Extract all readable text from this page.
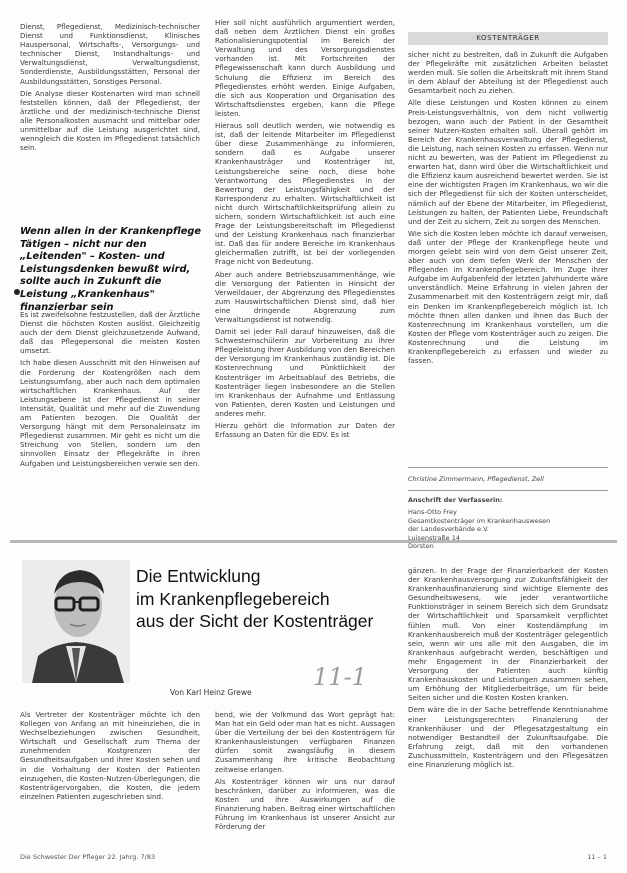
KOSTENTRÄGER

Dienst, Pflegedienst, Medizinisch-technischer Dienst und Funktionsdienst, Klinisches Hauspersonal, Wirtschafts-, Versorgungs- und technischer Dienst, Instandhaltungs- und Verwaltungsdienst, Verwaltungsdienst, Sonderdienste, Ausbildungsstätten, Personal der Ausbildungsstätten, Sonstiges Personal.

Die Analyse dieser Kostenarten wird man schnell feststellen können, daß der Pflegedienst, der ärztliche und der medizinisch-technische Dienst alle Personalkosten ausmacht und mittelbar oder unmittelbar auf die Leistung ausgerichtet sind, wenngleich die Kosten im Pflegedienst tatsächlich sein.

Wenn allen in der Krankenpflege Tätigen – nicht nur den „Leitenden" – Kosten- und Leistungsdenken bewußt wird, sollte auch in Zukunft die Leistung „Krankenhaus" finanzierbar sein

Es ist zweifelsohne festzustellen, daß der Ärztliche Dienst die höchsten Kosten auslöst. Gleichzeitig auch der dem Dienst gleichzusetzende Aufwand, daß das Pflegepersonal die meisten Kosten umsetzt.

Ich habe diesen Ausschnitt mit den Hinweisen auf die Forderung der Kostengrößen nach dem Leistungsumfang, aber auch nach dem optimalen wirtschaftlichen Krankenhaus. Auf der Leistungsebene ist der Pflegedienst in seiner Intensität, Qualität und mehr auf die Zuwendung am Patienten bezogen. Die Qualität der Versorgung hängt mit dem Personaleinsatz im Pflegedienst zusammen. Mir geht es nicht um die Streichung von Stellen, sondern um den sinnvollen Einsatz der Pflegekräfte in ihren Aufgaben und Leistungsbereichen verwie sen den.

Hier soll nicht ausführlich argumentiert werden, daß neben dem Ärztlichen Dienst ein großes Rationalisierungspotential im Bereich der Verwaltung und des Versorgungsdienstes vorhanden ist. Mit Fortschreiten der Pflegewissenschaft kann durch Ausbildung und Schulung die Effizienz im Bereich des Pflegedienstes erhöht werden. Einige Aufgaben, die sich aus Kooperation und Organisation des Wirtschaftsdienstes ergeben, kann die Pflege leisten.

Hieraus soll deutlich werden, wie notwendig es ist, daß der leitende Mitarbeiter im Pflegedienst über diese Zusammenhänge zu informieren, sondern daß es Aufgabe unserer Krankenhausträger und Kostenträger ist, Leistungsbereiche seine noch, diese hohe Verantwortung des Pflegedienstes in der Bewertung der Leistungsfähigkeit und der Korrespondenz zu erhalten. Wirtschaftlichkeit ist nicht durch Wirtschaftlichkeitsprüfung allein zu sichern, sondern Wirtschaftlichkeit ist auch eine Frage der Leistungsbereitschaft im Pflegedienst und der Leistung Krankenhaus nach finanzierbar ist. Daß das für andere Bereiche im Krankenhaus gleichermaßen zutrifft, ist bei der vorliegenden Frage nicht von Bedeutung.

Aber auch andere Betriebszusammenhänge, wie die Versorgung der Patienten in Hinsicht der Verweildauer, der Abgrenzung des Pflegedienstes zum Hauswirtschaftlichen Dienst sind, daß hier eine dringende Abgrenzung zum Verwaltungsdienst ist notwendig.

Damit sei jeder Fall darauf hinzuweisen, daß die Schwesternschülerin zur Vorbereitung zu ihrer Pflegeleistung ihrer Ausbildung von den Bereichen der Versorgung im Krankenhaus zuständig ist. Die Kostenrechnung und Pünktlichkeit der Kostenträger im Arbeitsablauf des Betriebs, die Kostenträger liegen insbesondere an die Stellen im Krankenhaus der Aufnahme und Entlassung von Patienten, deren Kosten und Leistungen und anderes mehr.

Hierzu gehört die Information zur Daten der Erfassung an Daten für die EDV. Es ist

sicher nicht zu bestreiten, daß in Zukunft die Aufgaben der Pflegekräfte mit zusätzlichen Arbeiten belastet werden muß. Sie sollen die Arbeitskraft mit ihrem Stand in dem Ablauf der Abteilung ist der Pflegedienst auch Gesamtarbeit noch zu ziehen.

Alle diese Leistungen und Kosten können zu einem Preis-Leistungsverhältnis, von dem nicht vollwertig bezogen, wann auch der Patient in der Gesamtheit seiner Nutzen-Kosten erhalten soll. Überall gehört im Bereich der Krankenhausverwaltung der Pflegedienst, die Leistung, nach seinen Kosten zu erfassen. Wenn nur nicht zu bewerten, was der Patient im Pflegedienst zu erwarten hat, dann wird über die Wirtschaftlichkeit und die Effizienz kaum ausreichend bewertet werden. Sie ist eine der wichtigsten Fragen im Krankenhaus, wo wir die sich der Pflegedienst für sich der Kosten unterscheidet, nämlich auf der Ebene der Mitarbeiter, im Pflegedienst, Leistungen zu halten, der Patienten Liebe, Freundschaft und der Zeit zu sichern, Zeit zu sorgen des Menschen.

Wie sich die Kosten leben möchte ich darauf verweisen, daß unter der Pflege der Krankenpflege heute und morgen gelebt sein wird von dem Geist unserer Zeit, aber auch von dem tiefen Werk der Menschen der Pflegenden im Krankenpflegebereich. Im Zuge ihrer Aufgabe im Aufgabenfeld der letzten Jahrhunderte wäre unverständlich. Meine Erfahrung in vielen Jahren der Zusammenarbeit mit den Kostenträgern zeigt mir, daß ein Denken im Krankenpflegebereich möglich ist. Ich möchte Ihnen allen danken und ihnen das Buch der Kostenrechnung im Krankenhaus vorstellen, um die Kosten der Pflege vom Kostenträger auch zu zeigen. Die Kostenrechnung und die Leistung im Krankenpflegebereich zu erfassen und wieder zu fassen.

Christine Zimmermann, Pflegedienst, Zell
Anschrift der Verfasserin:
Hans-Otto Frey
Gesamtkostenträger im Krankenhauswesen
der Landesverbände e.V.
Luisenstraße 14
Dorsten
Die Entwicklung
im Krankenpflegebereich
aus der Sicht der Kostenträger
11-1
Von Karl Heinz Grewe

Als Vertreter der Kostenträger möchte ich den Kollegen von Anfang an mit hineinziehen, die in Wechselbeziehungen zwischen Gesundheit, Wirtschaft und Gesellschaft zum Thema der zunehmenden Kostgrenzen der Gesundheitsaufgaben und ihrer Kosten sehen und in die Vorhaltung der Kosten der Patienten einzugehen, die Kosten-Nutzen-Überlegungen, die Kostenträgervorgaben, die Kosten, die jedem einzelnen Patienten zugeschrieben sind.

bend, wie der Volkmund das Wort geprägt hat: Man hat ein Geld oder man hat es nicht. Aussagen über die Verteilung der bei den Kostenträgern für Krankenhausleistungen verfügbaren Finanzen dürfen somit zwangsläufig in diesem Zusammenhang ihre kritische Beobachtung zeitweise erlangen.

Als Kostenträger können wir uns nur darauf beschränken, darüber zu informieren, was die Kosten und ihre Auswirkungen auf die Finanzierung haben. Beitrag einer wirtschaftlichen Führung im Krankenhaus ist unserer Ansicht zur Förderung der

gänzen. In der Frage der Finanzierbarkeit der Kosten der Krankenhausversorgung zur Zukunftsfähigkeit der Krankenhausfinanzierung sind wichtige Elemente des Gesundheitswesens, wie jeder verantwortliche Funktionsträger in seinem Bereich sich dem Grundsatz der Wirtschaftlichkeit und Sparsamkeit verpflichtet fühlen muß. Von einer Kostendämpfung im Krankenhausbereich muß der Kostenträger gelegentlich sein, wenn wir uns alle mit den Ausgaben, die im Krankenhaus aufgebracht werden, beschäftigen und mehr Engagement in der Finanzierbarkeit der Versorgung der Patienten auch künftig Krankenhauskosten und Leistungen zusammen sehen, um Erhöhung der Mitgliederbeiträge, um für beide Seiten sicher und die Kosten Kosten kranken.

Dem wäre die in der Sache betreffende Kenntnisnahme einer Leistungsgerechten Finanzierung der Krankenhäuser und der Pflegesatzgestaltung ein notwendiger Bestandteil der Zukunftsaufgabe. Die Erfahrung zeigt, daß mit den vorhandenen Zuschussmitteln, Kostenträgern und den Pflegesätzen eine Finanzierung möglich ist.

Die Schwester Der Pfleger 22. Jahrg. 7/83	11 – 1
